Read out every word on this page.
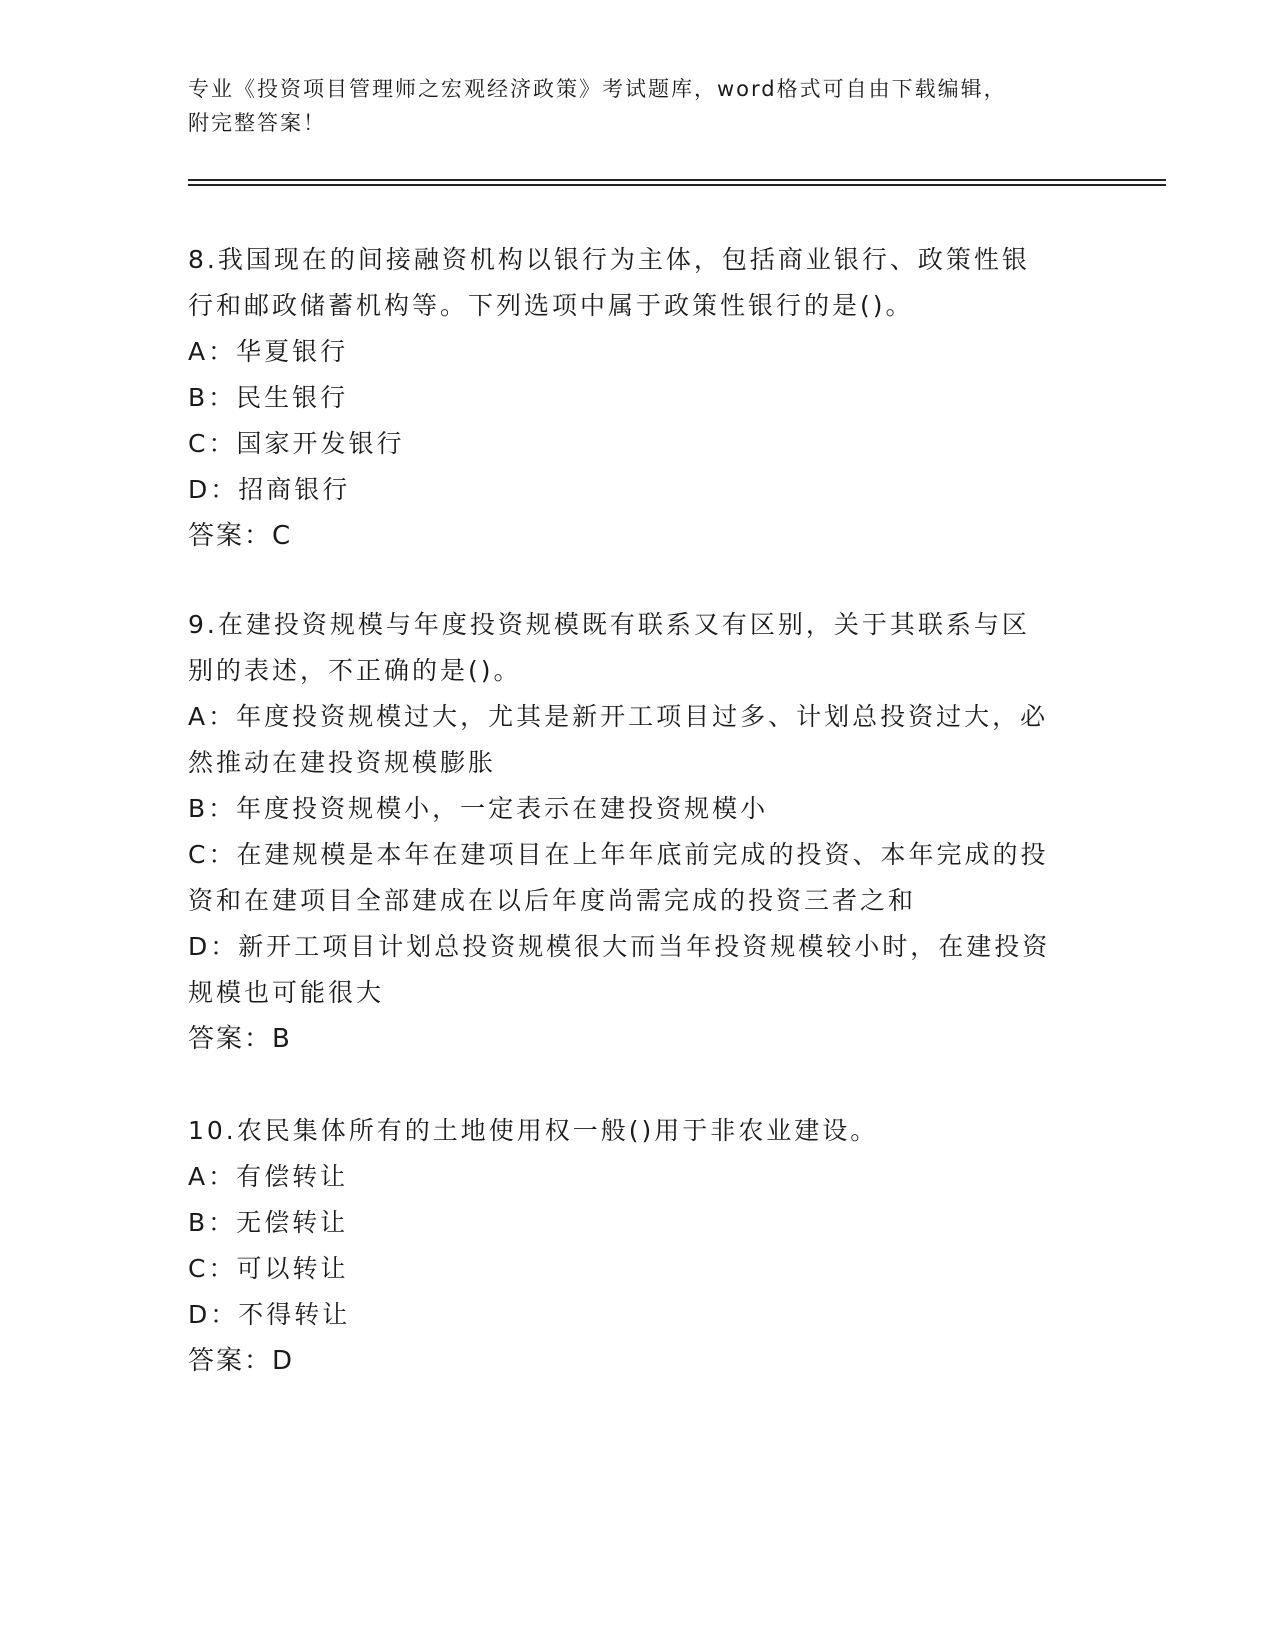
专业《投资项目管理师之宏观经济政策》考试题库，word格式可自由下载编辑，
附完整答案！

8.我国现在的间接融资机构以银行为主体，包括商业银行、政策性银

行和邮政储蓄机构等。下列选项中属于政策性银行的是()。

A：华夏银行

B：民生银行

C：国家开发银行

D：招商银行

答案：C

9.在建投资规模与年度投资规模既有联系又有区别，关于其联系与区

别的表述，不正确的是()。

A：年度投资规模过大，尤其是新开工项目过多、计划总投资过大，必

然推动在建投资规模膨胀

B：年度投资规模小，一定表示在建投资规模小

C：在建规模是本年在建项目在上年年底前完成的投资、本年完成的投

资和在建项目全部建成在以后年度尚需完成的投资三者之和

D：新开工项目计划总投资规模很大而当年投资规模较小时，在建投资

规模也可能很大

答案：B

10.农民集体所有的土地使用权一般()用于非农业建设。

A：有偿转让

B：无偿转让

C：可以转让

D：不得转让

答案：D
